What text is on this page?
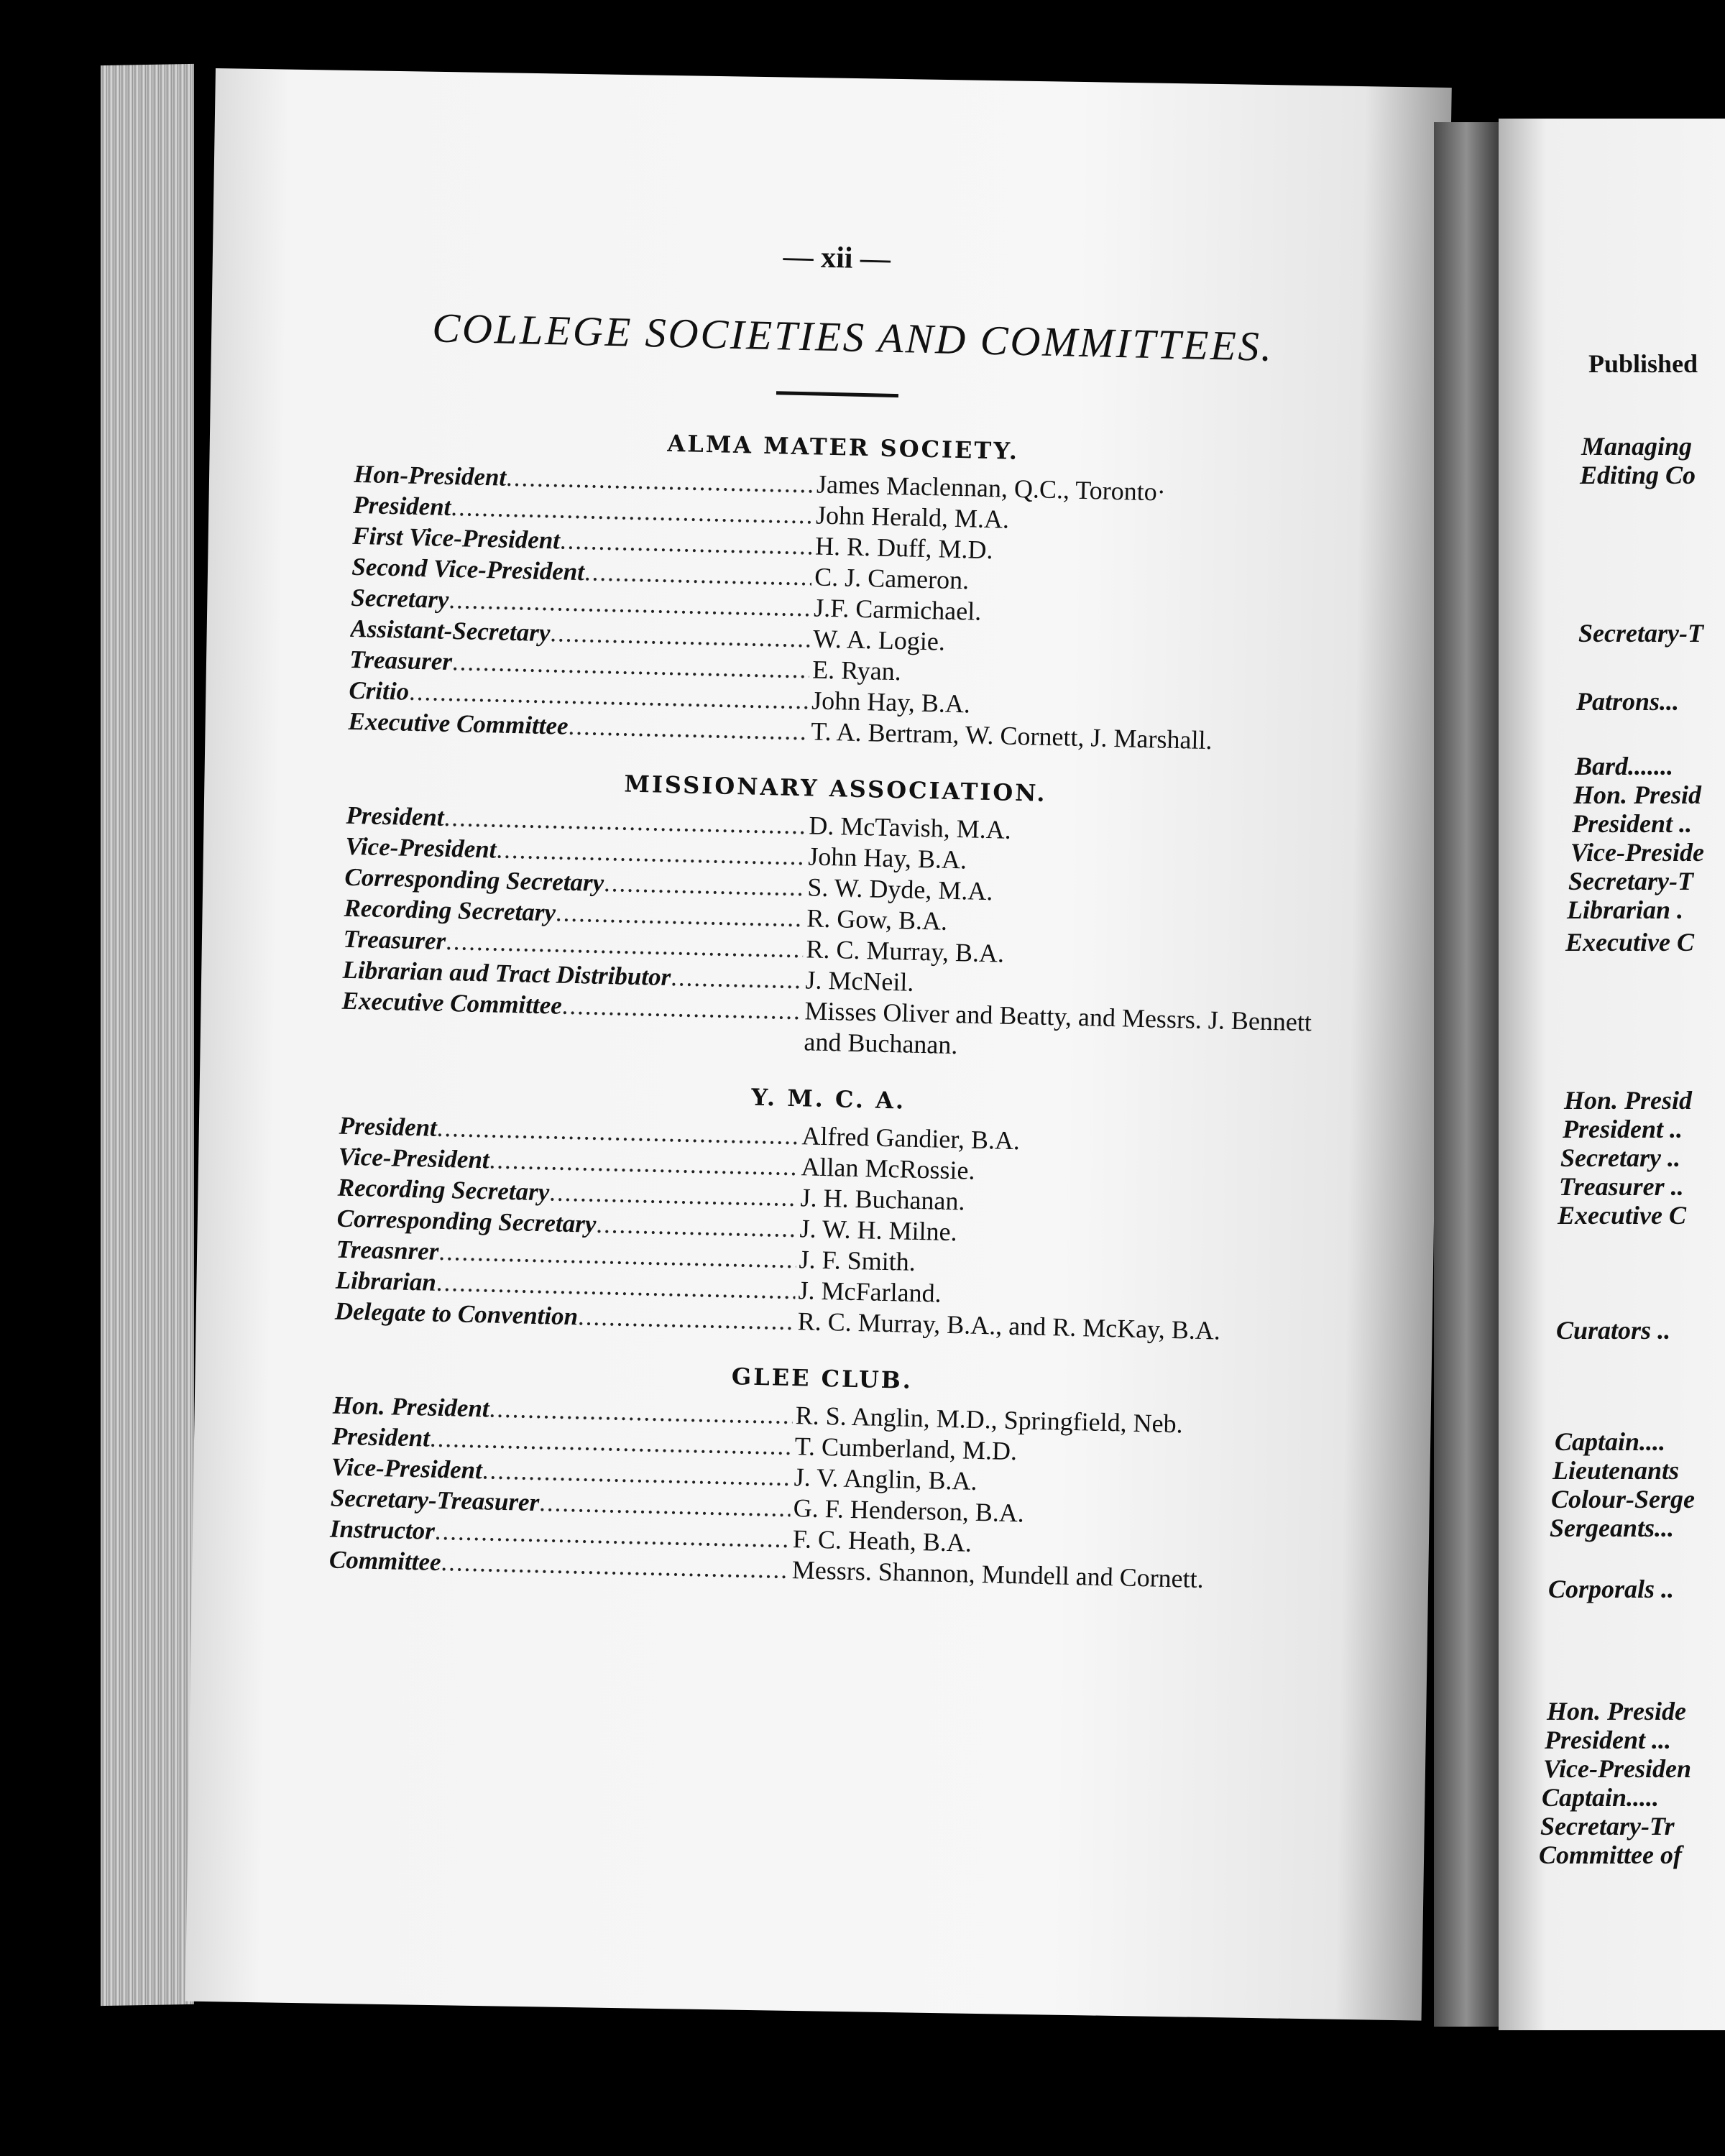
— xii —
COLLEGE SOCIETIES AND COMMITTEES.
ALMA MATER SOCIETY.
Hon-President .....	James Maclennan, Q.C., Toronto·
President .....	John Herald, M.A.
First Vice-President .....	H. R. Duff, M.D.
Second Vice-President .....	C. J. Cameron.
Secretary .....	J.F. Carmichael.
Assistant-Secretary .....	W. A. Logie.
Treasurer .....	E. Ryan.
Critio .....	John Hay, B.A.
Executive Committee .....	T. A. Bertram, W. Cornett, J. Marshall.
MISSIONARY ASSOCIATION.
President .....	D. McTavish, M.A.
Vice-President .....	John Hay, B.A.
Corresponding Secretary .....	S. W. Dyde, M.A.
Recording Secretary .....	R. Gow, B.A.
Treasurer .....	R. C. Murray, B.A.
Librarian aud Tract Distributor .....	J. McNeil.
Executive Committee .....	Misses Oliver and Beatty, and Messrs. J. Bennett and Buchanan.
Y. M. C. A.
President .....	Alfred Gandier, B.A.
Vice-President .....	Allan McRossie.
Recording Secretary .....	J. H. Buchanan.
Corresponding Secretary .....	J. W. H. Milne.
Treasnrer .....	J. F. Smith.
Librarian .....	J. McFarland.
Delegate to Convention .....	R. C. Murray, B.A., and R. McKay, B.A.
GLEE CLUB.
Hon. President .....	R. S. Anglin, M.D., Springfield, Neb.
President .....	T. Cumberland, M.D.
Vice-President .....	J. V. Anglin, B.A.
Secretary-Treasurer .....	G. F. Henderson, B.A.
Instructor .....	F. C. Heath, B.A.
Committee .....	Messrs. Shannon, Mundell and Cornett.
Published
Managing
Editing Co
Secretary-T
Patrons...
Bard.......
Hon. Presid
President ..
Vice-Preside
Secretary-T
Librarian .
Executive C
Hon. Presid
President ..
Secretary ..
Treasurer ..
Executive C
Curators ..
Captain....
Lieutenants
Colour-Serge
Sergeants...
Corporals ..
Hon. Preside
President ...
Vice-Presiden
Captain.....
Secretary-Tr
Committee of
